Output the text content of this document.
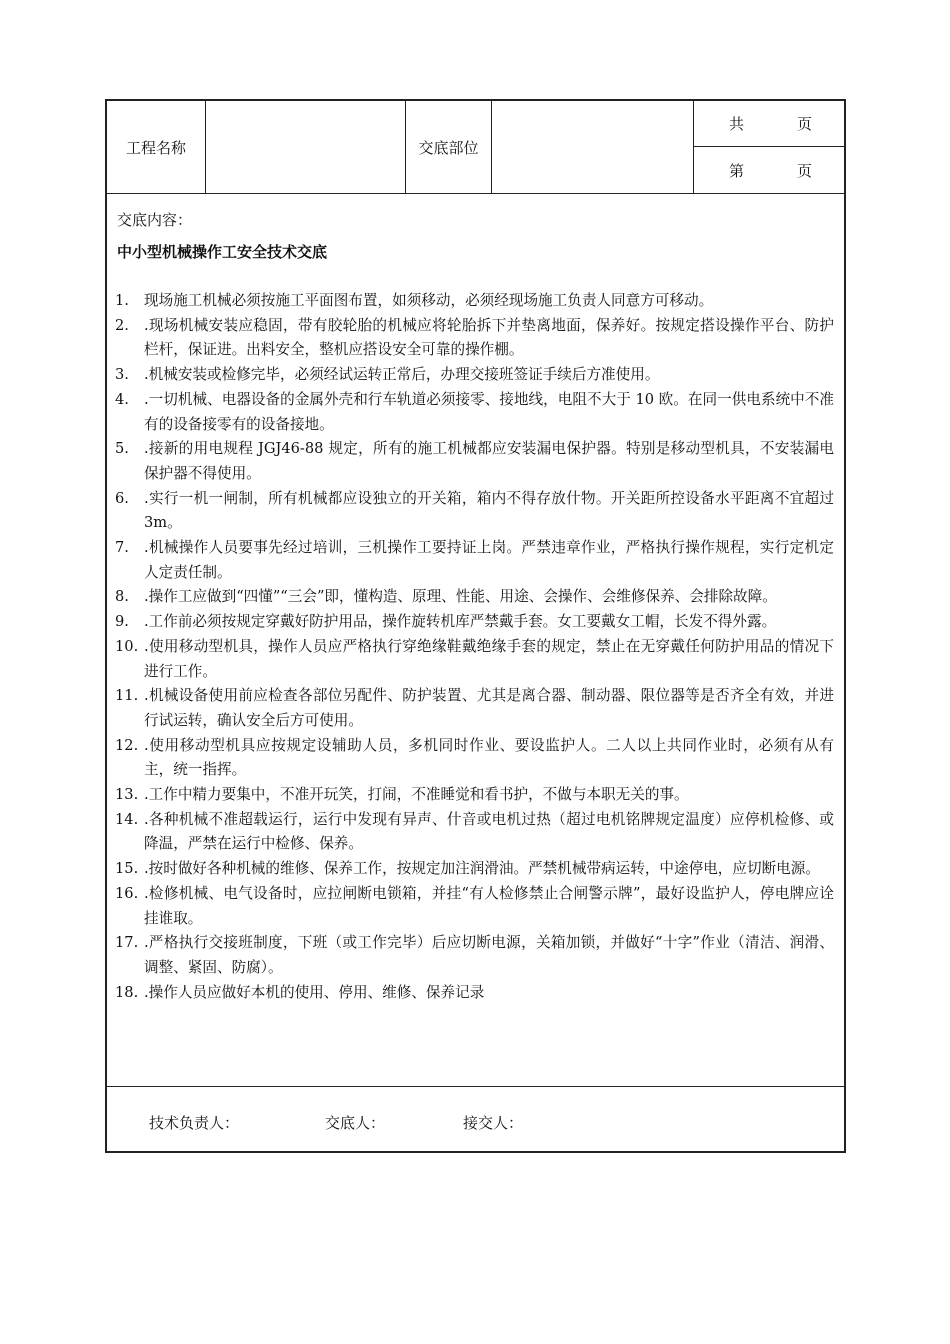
工程名称	交底部位
共	页
第	页
交底内容：
中小型机械操作工安全技术交底
1. 现场施工机械必须按施工平面图布置，如须移动，必须经现场施工负责人同意方可移动。
2. .现场机械安装应稳固，带有胶轮胎的机械应将轮胎拆下并垫离地面，保养好。按规定搭设操作平台、防护栏杆，保证进。出料安全，整机应搭设安全可靠的操作棚。
3. .机械安装或检修完毕，必须经试运转正常后，办理交接班签证手续后方准使用。
4. .一切机械、电器设备的金属外壳和行车轨道必须接零、接地线，电阻不大于 10 欧。在同一供电系统中不准有的设备接零有的设备接地。
5. .接新的用电规程 JGJ46-88 规定，所有的施工机械都应安装漏电保护器。特别是移动型机具，不安装漏电保护器不得使用。
6. .实行一机一闸制，所有机械都应设独立的开关箱，箱内不得存放什物。开关距所控设备水平距离不宜超过 3m。
7. .机械操作人员要事先经过培训，三机操作工要持证上岗。严禁违章作业，严格执行操作规程，实行定机定人定责任制。
8. .操作工应做到“四懂”“三会”即，懂构造、原理、性能、用途、会操作、会维修保养、会排除故障。
9. .工作前必须按规定穿戴好防护用品，操作旋转机库严禁戴手套。女工要戴女工帽，长发不得外露。
10. .使用移动型机具，操作人员应严格执行穿绝缘鞋戴绝缘手套的规定，禁止在无穿戴任何防护用品的情况下进行工作。
11. .机械设备使用前应检查各部位另配件、防护装置、尤其是离合器、制动器、限位器等是否齐全有效，并进行试运转，确认安全后方可使用。
12. .使用移动型机具应按规定设辅助人员，多机同时作业、要设监护人。二人以上共同作业时，必须有从有主，统一指挥。
13. .工作中精力要集中，不准开玩笑，打闹，不准睡觉和看书护，不做与本职无关的事。
14. .各种机械不准超载运行，运行中发现有异声、什音或电机过热（超过电机铭牌规定温度）应停机检修、或降温，严禁在运行中检修、保养。
15. .按时做好各种机械的维修、保养工作，按规定加注润滑油。严禁机械带病运转，中途停电，应切断电源。
16. .检修机械、电气设备时，应拉闸断电锁箱，并挂“有人检修禁止合闸警示牌”，最好设监护人，停电牌应诠挂谁取。
17. .严格执行交接班制度，下班（或工作完毕）后应切断电源，关箱加锁，并做好“十字”作业（清洁、润滑、调整、紧固、防腐）。
18. .操作人员应做好本机的使用、停用、维修、保养记录
技术负责人：	交底人：	接交人：
